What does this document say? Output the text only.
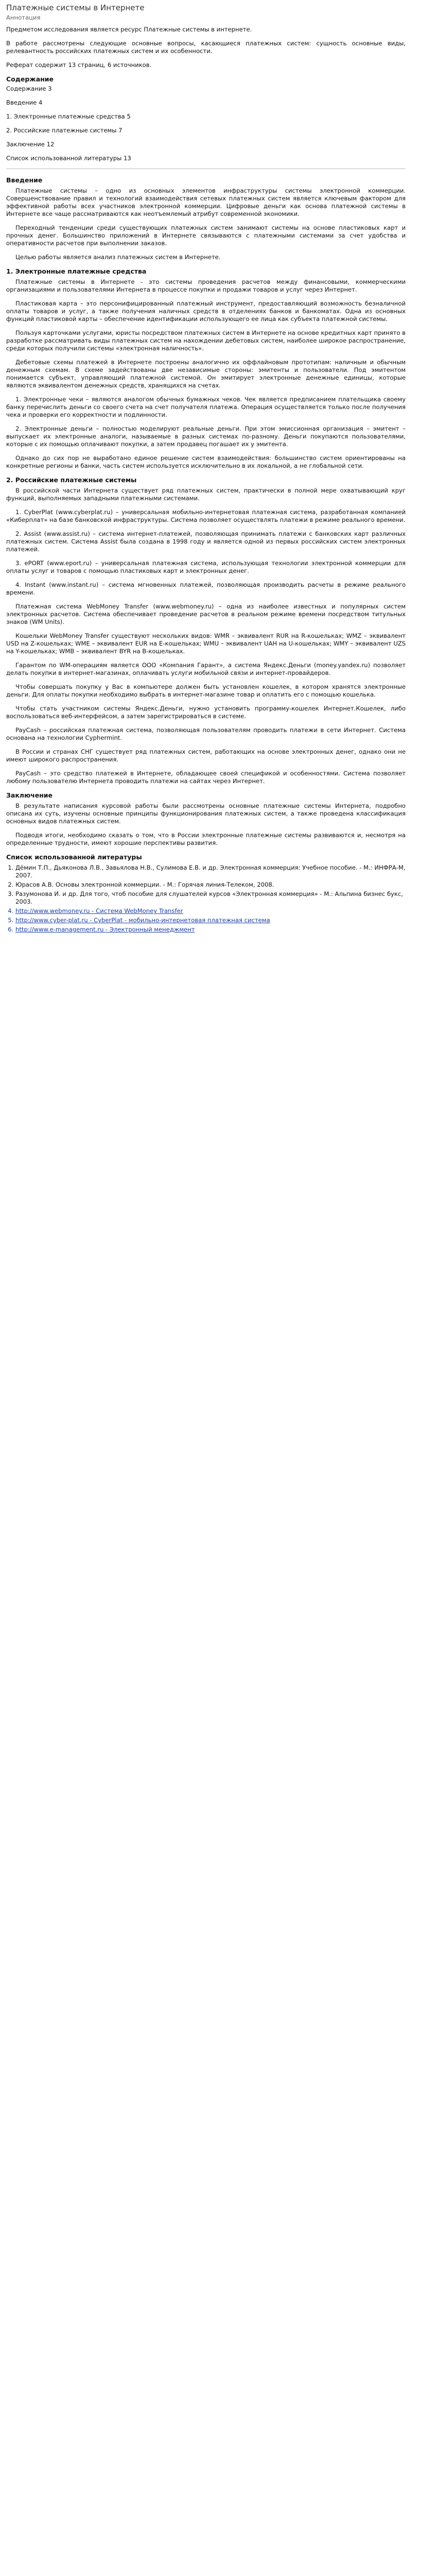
Платежные системы в Интернете
Аннотация

Предметом исследования является ресурс Платежные системы в интернете.

В работе рассмотрены следующие основные вопросы, касающиеся платежных систем: сущность основные виды, релевантность российских платежных систем и их особенности.

Реферат содержит 13 страниц, 6 источников.

Содержание
Содержание 3
Введение 4
1. Электронные платежные средства 5
2. Российские платежные системы 7
Заключение 12
Список использованной литературы 13
Введение

Платежные системы – одно из основных элементов инфраструктуры системы электронной коммерции. Совершенствование правил и технологий взаимодействия сетевых платежных систем является ключевым фактором для эффективной работы всех участников электронной коммерции. Цифровые деньги как основа платежной системы в Интернете все чаще рассматриваются как неотъемлемый атрибут современной экономики.

Переходный тенденции среди существующих платежных систем занимают системы на основе пластиковых карт и прочных денег. Большинство приложений в Интернете связываются с платежными системами за счет удобства и оперативности расчетов при выполнении заказов.

Целью работы является анализ платежных систем в Интернете.

1. Электронные платежные средства

Платежные системы в Интернете - это системы проведения расчетов между финансовыми, коммерческими организациями и пользователями Интернета в процессе покупки и продажи товаров и услуг через Интернет.

Пластиковая карта – это персонифицированный платежный инструмент, предоставляющий возможность безналичной оплаты товаров и услуг, а также получения наличных средств в отделениях банков и банкоматах. Одна из основных функций пластиковой карты – обеспечение идентификации использующего ее лица как субъекта платежной системы.

Пользуя карточками услугами, юристы посредством платежных систем в Интернете на основе кредитных карт принято в разработке рассматривать виды платежных систем на нахождении дебетовых систем, наиболее широкое распространение, среди которых получили системы «электронная наличность».

Дебетовые схемы платежей в Интернете построены аналогично их оффлайновым прототипам: наличным и обычным денежным схемам. В схеме задействованы две независимые стороны: эмитенты и пользователи. Под эмитентом понимается субъект, управляющий платежной системой. Он эмитирует электронные денежные единицы, которые являются эквивалентом денежных средств, хранящихся на счетах.

1. Электронные чеки – являются аналогом обычных бумажных чеков. Чек является предписанием плательщика своему банку перечислить деньги со своего счета на счет получателя платежа. Операция осуществляется только после получения чека и проверки его корректности и подлинности.

2. Электронные деньги – полностью моделируют реальные деньги. При этом эмиссионная организация – эмитент – выпускает их электронные аналоги, называемые в разных системах по-разному. Деньги покупаются пользователями, которые с их помощью оплачивают покупки, а затем продавец погашает их у эмитента.

Однако до сих пор не выработано единое решение систем взаимодействия: большинство систем ориентированы на конкретные регионы и банки, часть систем используется исключительно в их локальной, а не глобальной сети.

2. Российские платежные системы

В российской части Интернета существует ряд платежных систем, практически в полной мере охватывающий круг функций, выполняемых западными платежными системами.

1. CyberPlat (www.cyberplat.ru) – универсальная мобильно-интернетовая платежная система, разработанная компанией «Киберплат» на базе банковской инфраструктуры. Система позволяет осуществлять платежи в режиме реального времени.

2. Assist (www.assist.ru) – система интернет-платежей, позволяющая принимать платежи с банковских карт различных платежных систем. Система Assist была создана в 1998 году и является одной из первых российских систем электронных платежей.

3. ePORT (www.eport.ru) – универсальная платежная система, использующая технологии электронной коммерции для оплаты услуг и товаров с помощью пластиковых карт и электронных денег.

4. Instant (www.instant.ru) – система мгновенных платежей, позволяющая производить расчеты в режиме реального времени.

Платежная система WebMoney Transfer (www.webmoney.ru) – одна из наиболее известных и популярных систем электронных расчетов. Система обеспечивает проведение расчетов в реальном режиме времени посредством титульных знаков (WM Units).

Кошельки WebMoney Transfer существуют нескольких видов: WMR – эквивалент RUR на R-кошельках; WMZ – эквивалент USD на Z-кошельках; WME – эквивалент EUR на E-кошельках; WMU – эквивалент UAH на U-кошельках; WMY – эквивалент UZS на Y-кошельках; WMB – эквивалент BYR на B-кошельках.

Гарантом по WM-операциям является ООО «Компания Гарант», а система Яндекс.Деньги (money.yandex.ru) позволяет делать покупки в интернет-магазинах, оплачивать услуги мобильной связи и интернет-провайдеров.

Чтобы совершать покупку у Вас в компьютере должен быть установлен кошелек, в котором хранятся электронные деньги. Для оплаты покупки необходимо выбрать в интернет-магазине товар и оплатить его с помощью кошелька.

Чтобы стать участником системы Яндекс.Деньги, нужно установить программу-кошелек Интернет.Кошелек, либо воспользоваться веб-интерфейсом, а затем зарегистрироваться в системе.

PayCash – российская платежная система, позволяющая пользователям проводить платежи в сети Интернет. Система основана на технологии Cyphermint.

В России и странах СНГ существует ряд платежных систем, работающих на основе электронных денег, однако они не имеют широкого распространения.

PayCash – это средство платежей в Интернете, обладающее своей спецификой и особенностями. Система позволяет любому пользователю Интернета проводить платежи на сайтах через Интернет.

Заключение

В результате написания курсовой работы были рассмотрены основные платежные системы Интернета, подробно описана их суть, изучены основные принципы функционирования платежных систем, а также проведена классификация основных видов платежных систем.

Подводя итоги, необходимо сказать о том, что в России электронные платежные системы развиваются и, несмотря на определенные трудности, имеют хорошие перспективы развития.

Список использованной литературы
1. Дёмин Т.П., Дьяконова Л.В., Завьялова Н.В., Сулимова Е.В. и др. Электронная коммерция: Учебное пособие. - М.: ИНФРА-М, 2007.
2. Юрасов А.В. Основы электронной коммерции. - М.: Горячая линия-Телеком, 2008.
3. Разумонова И. и др. Для того, чтоб пособие для слушателей курсов «Электронная коммерция» - М.: Альпина бизнес букс, 2003.
4. http://www.webmoney.ru - Система WebMoney Transfer
5. http://www.cyber-plat.ru - CyberPlat - мобильно-интернетовая платежная система
6. http://www.e-management.ru - Электронный менеджмент
